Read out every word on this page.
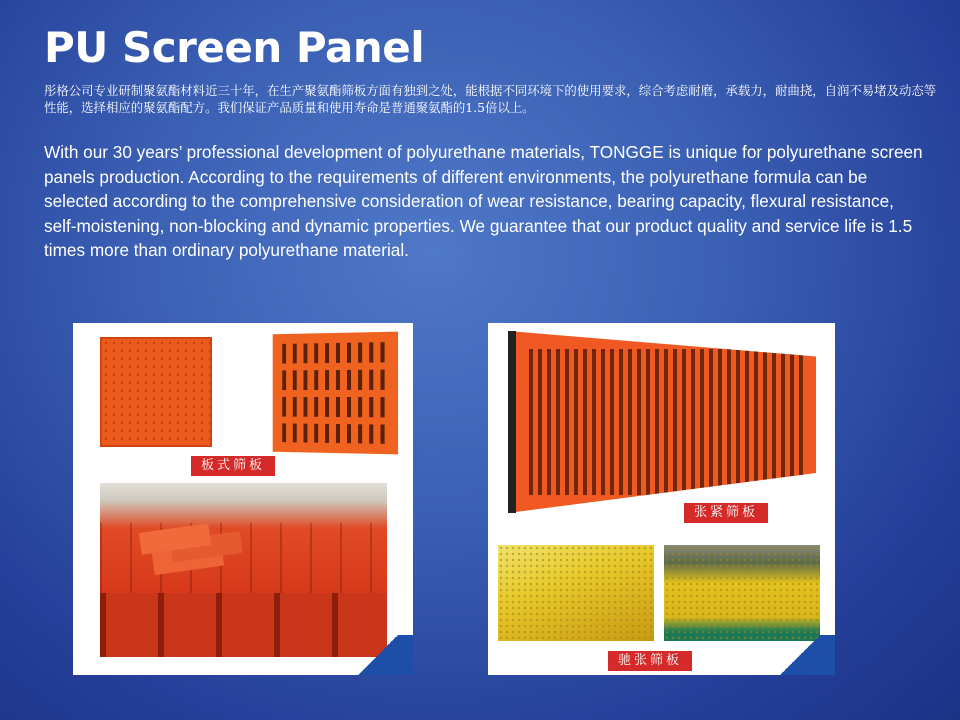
PU Screen Panel
彤格公司专业研制聚氨酯材料近三十年，在生产聚氨酯筛板方面有独到之处，能根据不同环境下的使用要求，综合考虑耐磨，承载力，耐曲挠，自润不易堵及动态等性能，选择相应的聚氨酯配方。我们保证产品质量和使用寿命是普通聚氨酯的1.5倍以上。
With our 30 years’ professional development of polyurethane materials, TONGGE is unique for polyurethane screen panels production. According to the requirements of different environments, the polyurethane formula can be selected according to the comprehensive consideration of wear resistance, bearing capacity, flexural resistance, self-moistening, non-blocking and dynamic properties. We guarantee that our product quality and service life is 1.5 times more than ordinary polyurethane material.
板式筛板
张紧筛板
驰张筛板
